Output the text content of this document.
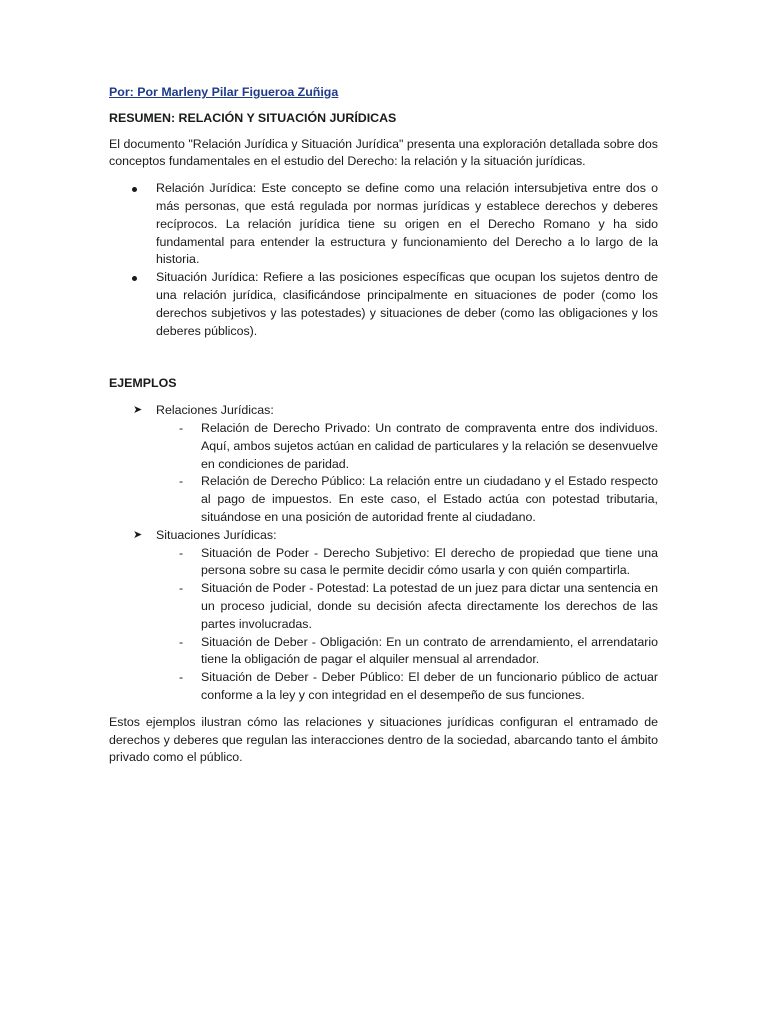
Por: Por Marleny Pilar Figueroa Zuñiga

RESUMEN: RELACIÓN Y SITUACIÓN JURÍDICAS

El documento "Relación Jurídica y Situación Jurídica" presenta una exploración detallada sobre dos conceptos fundamentales en el estudio del Derecho: la relación y la situación jurídicas.

Relación Jurídica: Este concepto se define como una relación intersubjetiva entre dos o más personas, que está regulada por normas jurídicas y establece derechos y deberes recíprocos. La relación jurídica tiene su origen en el Derecho Romano y ha sido fundamental para entender la estructura y funcionamiento del Derecho a lo largo de la historia.
Situación Jurídica: Refiere a las posiciones específicas que ocupan los sujetos dentro de una relación jurídica, clasificándose principalmente en situaciones de poder (como los derechos subjetivos y las potestades) y situaciones de deber (como las obligaciones y los deberes públicos).

EJEMPLOS

➤ Relaciones Jurídicas:
- Relación de Derecho Privado: Un contrato de compraventa entre dos individuos. Aquí, ambos sujetos actúan en calidad de particulares y la relación se desenvuelve en condiciones de paridad.
- Relación de Derecho Público: La relación entre un ciudadano y el Estado respecto al pago de impuestos. En este caso, el Estado actúa con potestad tributaria, situándose en una posición de autoridad frente al ciudadano.
➤ Situaciones Jurídicas:
- Situación de Poder - Derecho Subjetivo: El derecho de propiedad que tiene una persona sobre su casa le permite decidir cómo usarla y con quién compartirla.
- Situación de Poder - Potestad: La potestad de un juez para dictar una sentencia en un proceso judicial, donde su decisión afecta directamente los derechos de las partes involucradas.
- Situación de Deber - Obligación: En un contrato de arrendamiento, el arrendatario tiene la obligación de pagar el alquiler mensual al arrendador.
- Situación de Deber - Deber Público: El deber de un funcionario público de actuar conforme a la ley y con integridad en el desempeño de sus funciones.

Estos ejemplos ilustran cómo las relaciones y situaciones jurídicas configuran el entramado de derechos y deberes que regulan las interacciones dentro de la sociedad, abarcando tanto el ámbito privado como el público.
